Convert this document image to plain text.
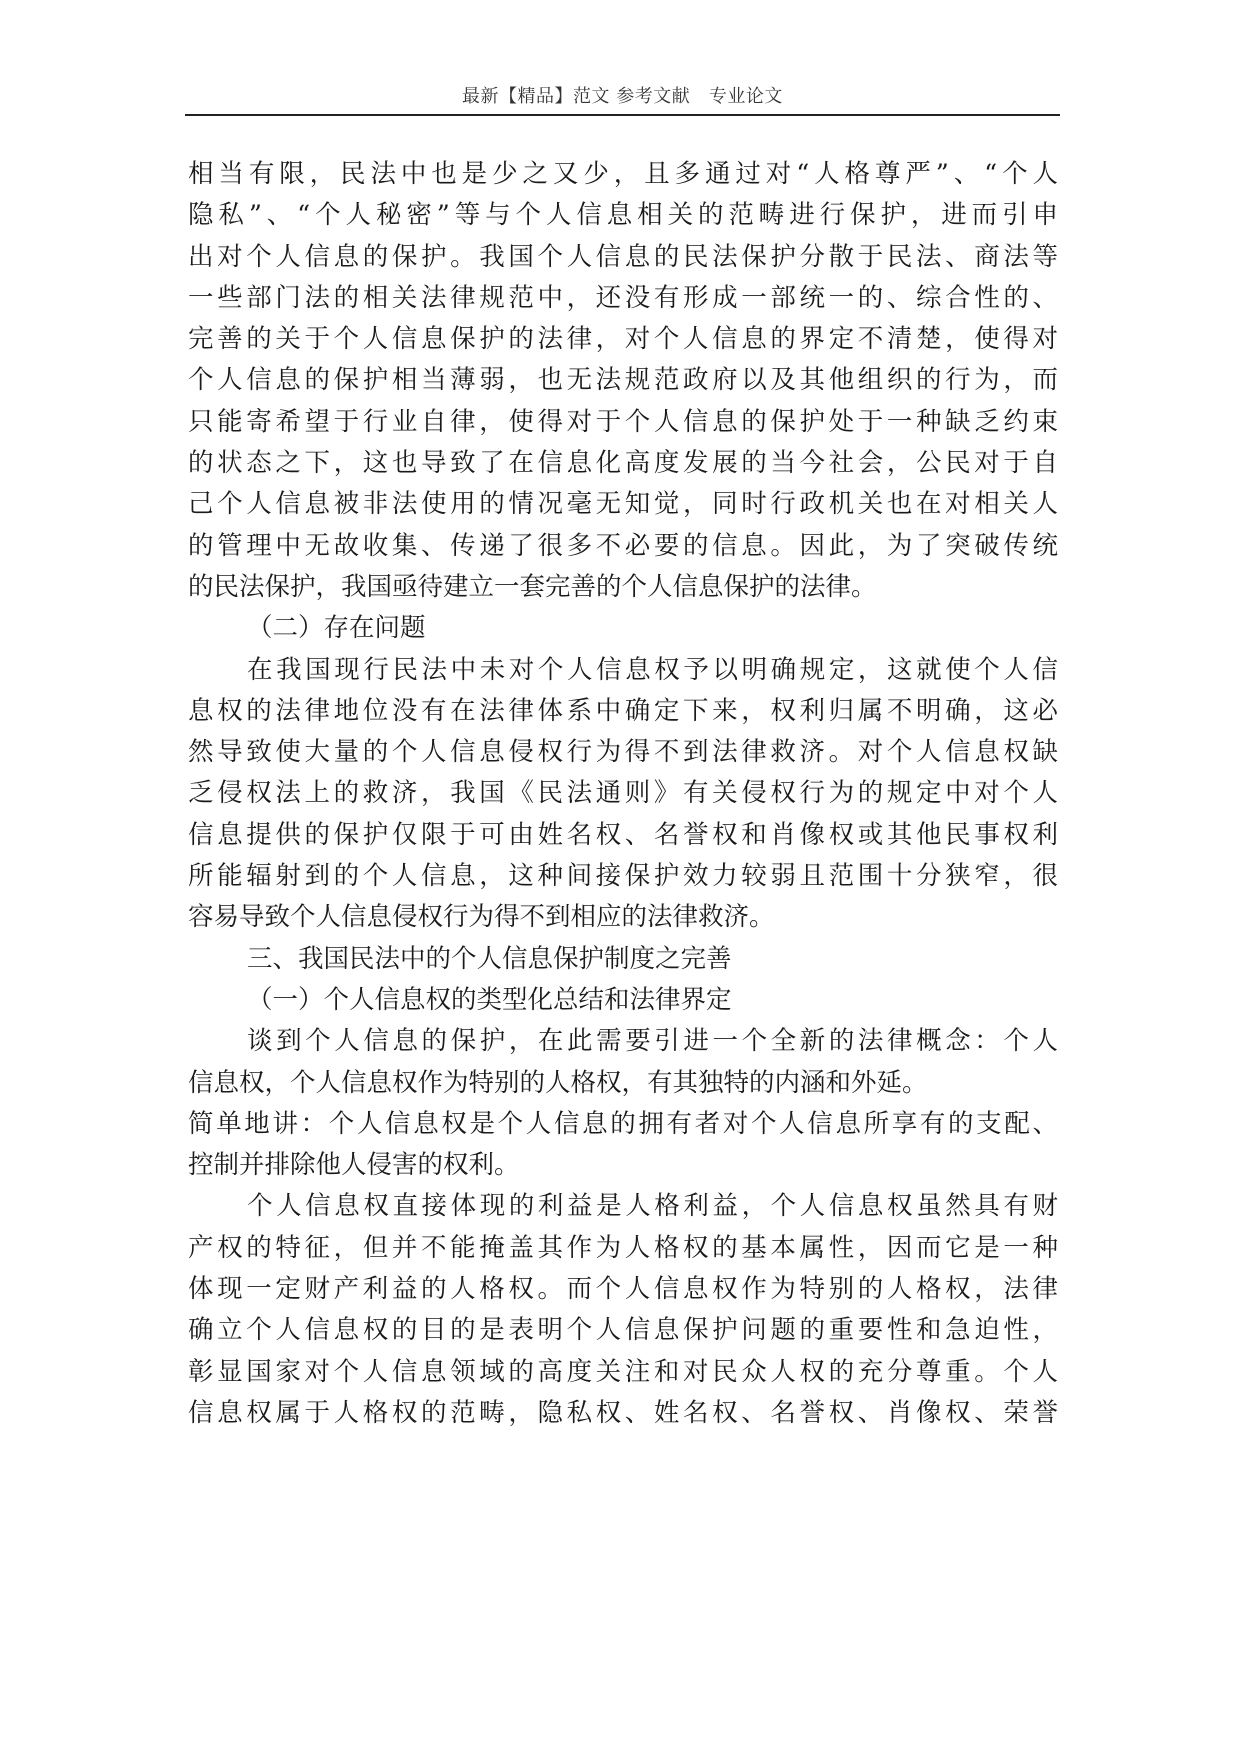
最新【精品】范文 参考文献   专业论文
相当有限，民法中也是少之又少，且多通过对“人格尊严”、“个人
隐私”、“个人秘密”等与个人信息相关的范畴进行保护，进而引申
出对个人信息的保护。我国个人信息的民法保护分散于民法、商法等
一些部门法的相关法律规范中，还没有形成一部统一的、综合性的、
完善的关于个人信息保护的法律，对个人信息的界定不清楚，使得对
个人信息的保护相当薄弱，也无法规范政府以及其他组织的行为，而
只能寄希望于行业自律，使得对于个人信息的保护处于一种缺乏约束
的状态之下，这也导致了在信息化高度发展的当今社会，公民对于自
己个人信息被非法使用的情况毫无知觉，同时行政机关也在对相关人
的管理中无故收集、传递了很多不必要的信息。因此，为了突破传统
的民法保护，我国亟待建立一套完善的个人信息保护的法律。
（二）存在问题
在我国现行民法中未对个人信息权予以明确规定，这就使个人信
息权的法律地位没有在法律体系中确定下来，权利归属不明确，这必
然导致使大量的个人信息侵权行为得不到法律救济。对个人信息权缺
乏侵权法上的救济，我国《民法通则》有关侵权行为的规定中对个人
信息提供的保护仅限于可由姓名权、名誉权和肖像权或其他民事权利
所能辐射到的个人信息，这种间接保护效力较弱且范围十分狭窄，很
容易导致个人信息侵权行为得不到相应的法律救济。
三、我国民法中的个人信息保护制度之完善
（一）个人信息权的类型化总结和法律界定
谈到个人信息的保护，在此需要引进一个全新的法律概念：个人
信息权，个人信息权作为特别的人格权，有其独特的内涵和外延。
简单地讲：个人信息权是个人信息的拥有者对个人信息所享有的支配、
控制并排除他人侵害的权利。
个人信息权直接体现的利益是人格利益，个人信息权虽然具有财
产权的特征，但并不能掩盖其作为人格权的基本属性，因而它是一种
体现一定财产利益的人格权。而个人信息权作为特别的人格权，法律
确立个人信息权的目的是表明个人信息保护问题的重要性和急迫性，
彰显国家对个人信息领域的高度关注和对民众人权的充分尊重。个人
信息权属于人格权的范畴，隐私权、姓名权、名誉权、肖像权、荣誉
